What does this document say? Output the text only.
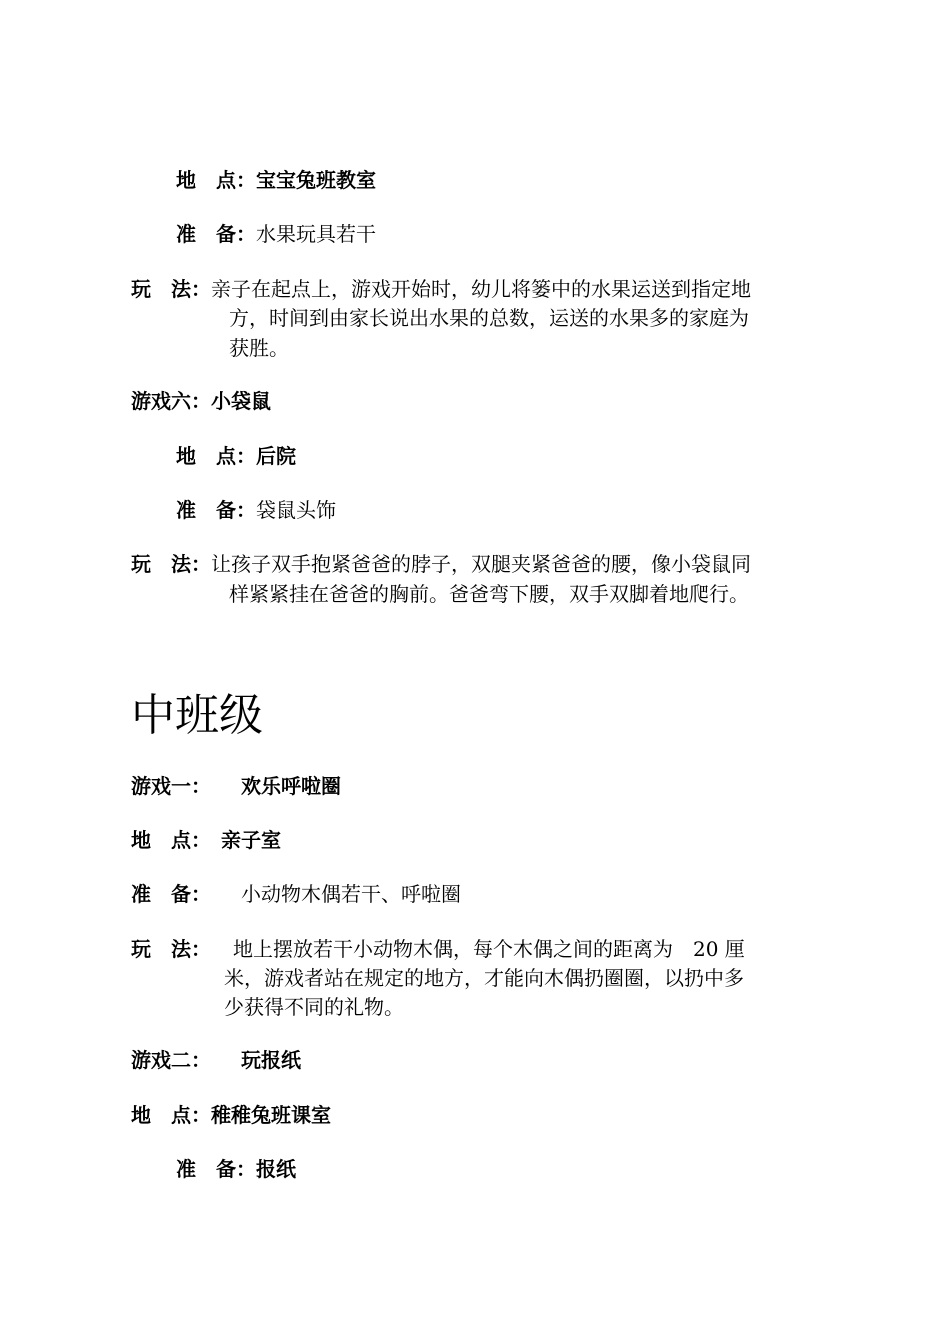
地　点：宝宝兔班教室
准　备：水果玩具若干
玩　法：亲子在起点上，游戏开始时，幼儿将篓中的水果运送到指定地
方，时间到由家长说出水果的总数，运送的水果多的家庭为
获胜。
游戏六：小袋鼠
地　点：后院
准　备：袋鼠头饰
玩　法：让孩子双手抱紧爸爸的脖子，双腿夹紧爸爸的腰，像小袋鼠同
样紧紧挂在爸爸的胸前。爸爸弯下腰，双手双脚着地爬行。
中班级
游戏一： 欢乐呼啦圈
地　点： 亲子室
准　备： 小动物木偶若干、呼啦圈
玩　法： 地上摆放若干小动物木偶，每个木偶之间的距离为　20 厘
米，游戏者站在规定的地方，才能向木偶扔圈圈，以扔中多
少获得不同的礼物。
游戏二： 玩报纸
地　点：稚稚兔班课室
准　备：报纸
